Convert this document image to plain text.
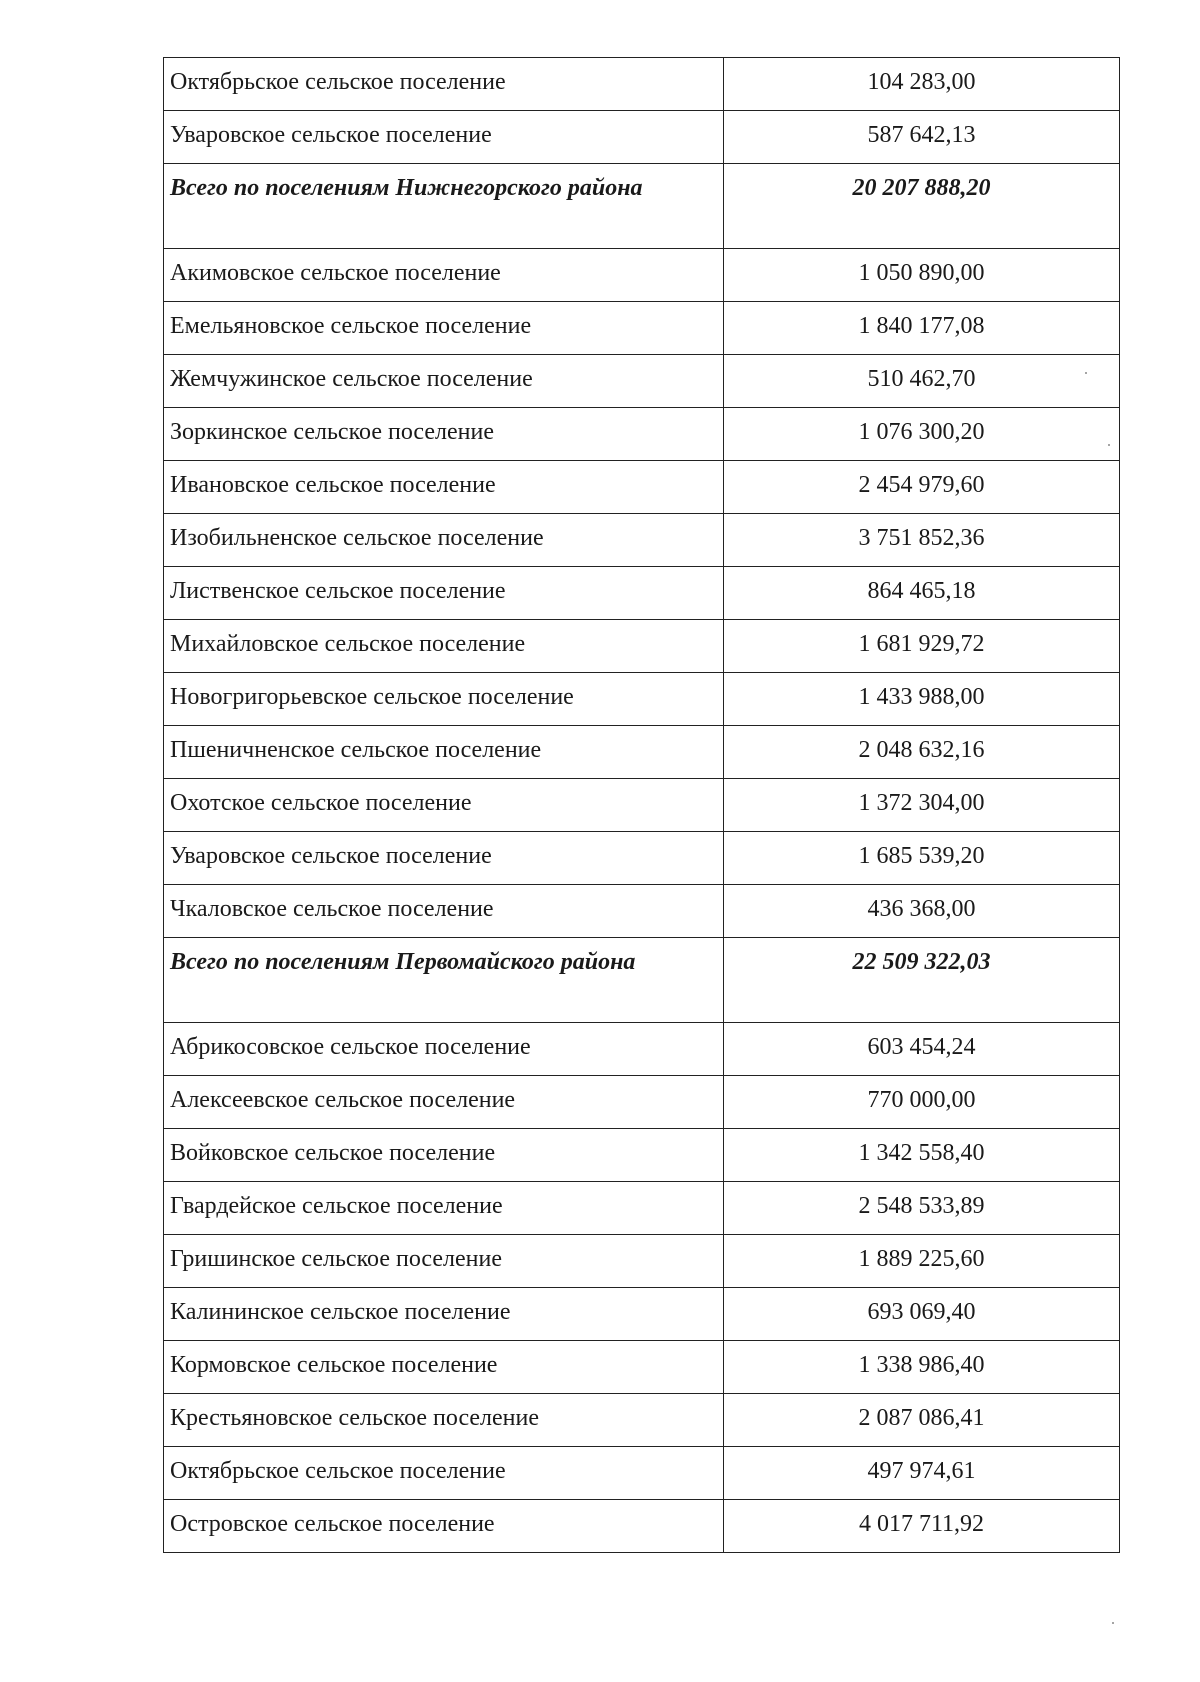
Октябрьское сельское поселение	104 283,00
Уваровское сельское поселение	587 642,13
Всего по поселениям Нижнегорского района	20 207 888,20
Акимовское сельское поселение	1 050 890,00
Емельяновское сельское поселение	1 840 177,08
Жемчужинское сельское поселение	510 462,70
Зоркинское сельское поселение	1 076 300,20
Ивановское сельское поселение	2 454 979,60
Изобильненское сельское поселение	3 751 852,36
Лиственское сельское поселение	864 465,18
Михайловское сельское поселение	1 681 929,72
Новогригорьевское сельское поселение	1 433 988,00
Пшеничненское сельское поселение	2 048 632,16
Охотское сельское поселение	1 372 304,00
Уваровское сельское поселение	1 685 539,20
Чкаловское сельское поселение	436 368,00
Всего по поселениям Первомайского района	22 509 322,03
Абрикосовское сельское поселение	603 454,24
Алексеевское сельское поселение	770 000,00
Войковское сельское поселение	1 342 558,40
Гвардейское сельское поселение	2 548 533,89
Гришинское сельское поселение	1 889 225,60
Калининское сельское поселение	693 069,40
Кормовское сельское поселение	1 338 986,40
Крестьяновское сельское поселение	2 087 086,41
Октябрьское сельское поселение	497 974,61
Островское сельское поселение	4 017 711,92
